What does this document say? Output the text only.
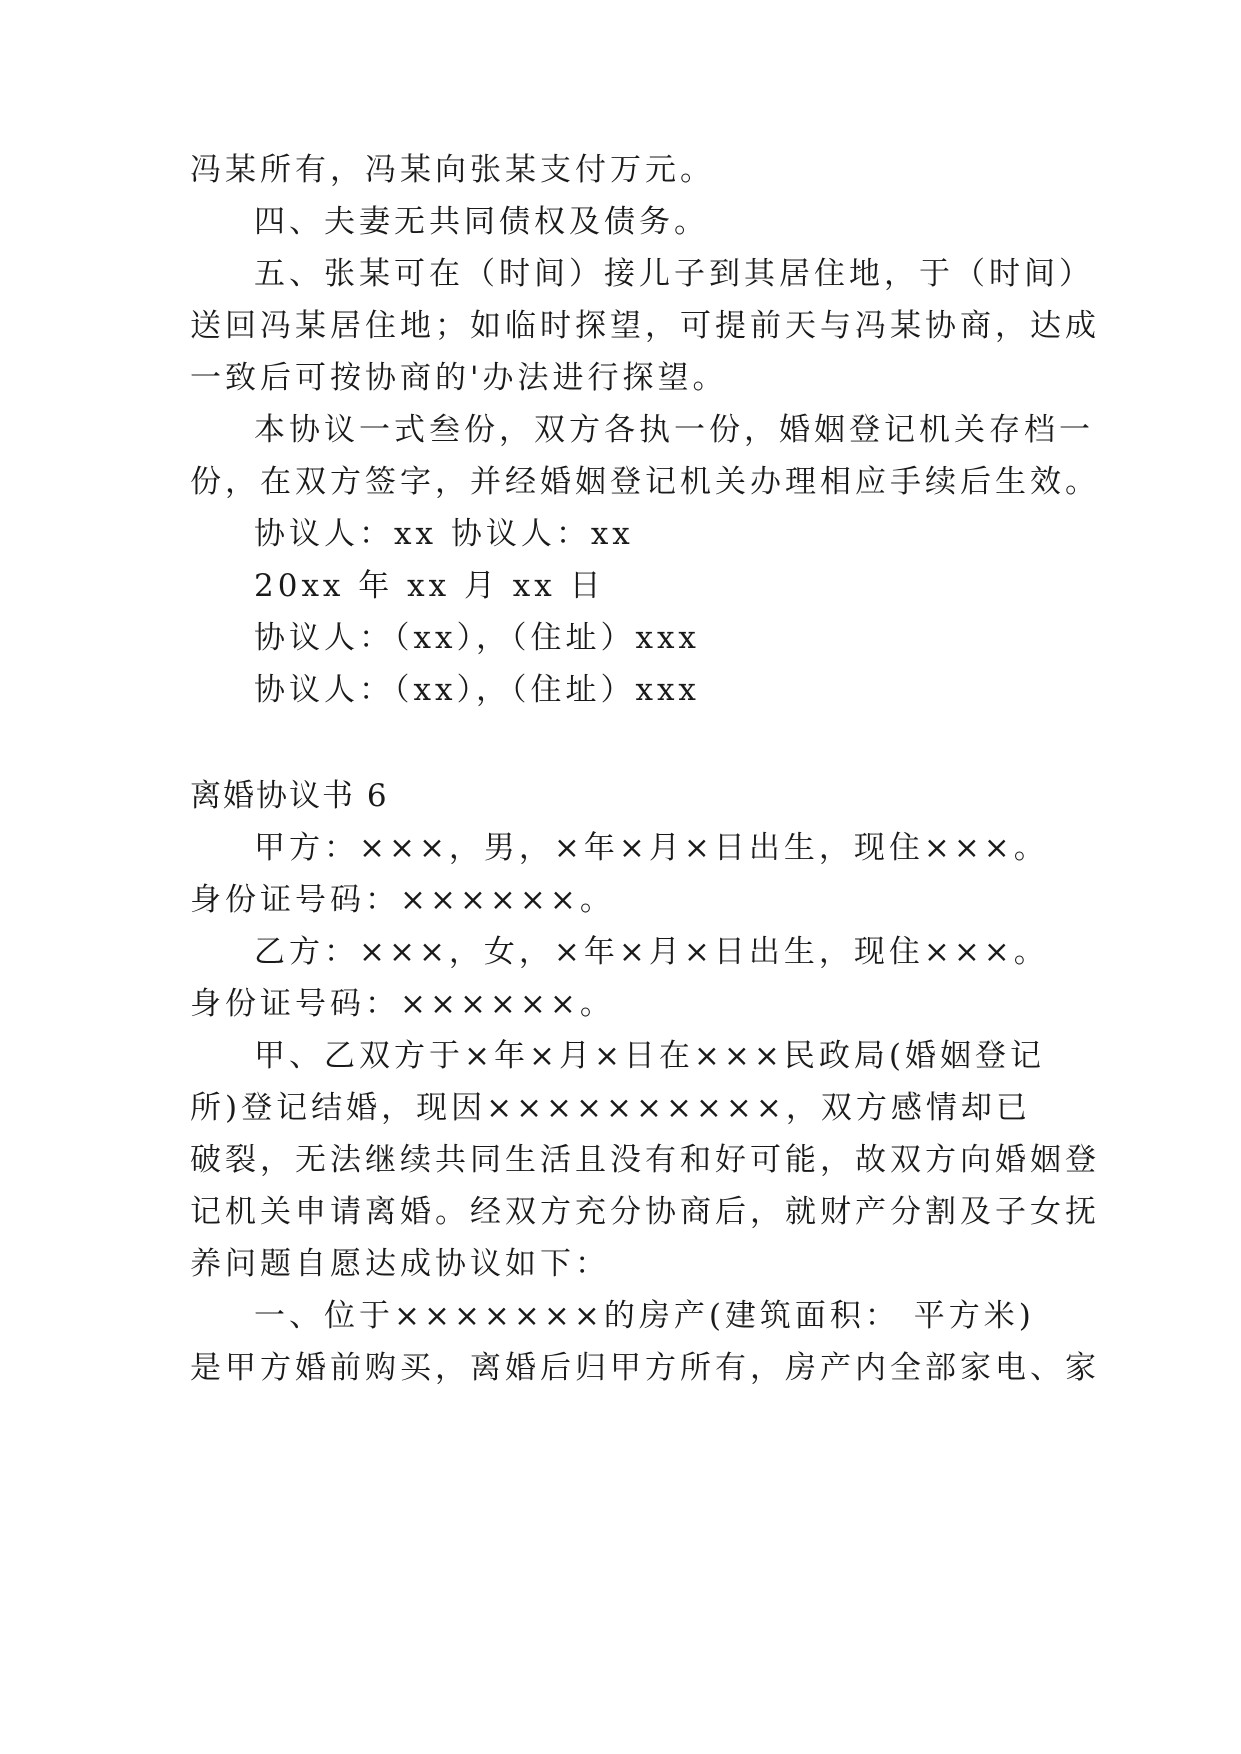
冯某所有，冯某向张某支付万元。
四、夫妻无共同债权及债务。
五、张某可在（时间）接儿子到其居住地，于（时间）
送回冯某居住地；如临时探望，可提前天与冯某协商，达成
一致后可按协商的'办法进行探望。
本协议一式叁份，双方各执一份，婚姻登记机关存档一
份，在双方签字，并经婚姻登记机关办理相应手续后生效。
协议人：xx 协议人：xx
20xx 年 xx 月 xx 日
协议人：（xx），（住址）xxx
协议人：（xx），（住址）xxx
离婚协议书 6
甲方：×××，男，×年×月×日出生，现住×××。
身份证号码：××××××。
乙方：×××，女，×年×月×日出生，现住×××。
身份证号码：××××××。
甲、乙双方于×年×月×日在×××民政局(婚姻登记
所)登记结婚，现因××××××××××，双方感情却已
破裂，无法继续共同生活且没有和好可能，故双方向婚姻登
记机关申请离婚。经双方充分协商后，就财产分割及子女抚
养问题自愿达成协议如下：
一、位于×××××××的房产(建筑面积： 平方米)
是甲方婚前购买，离婚后归甲方所有，房产内全部家电、家
